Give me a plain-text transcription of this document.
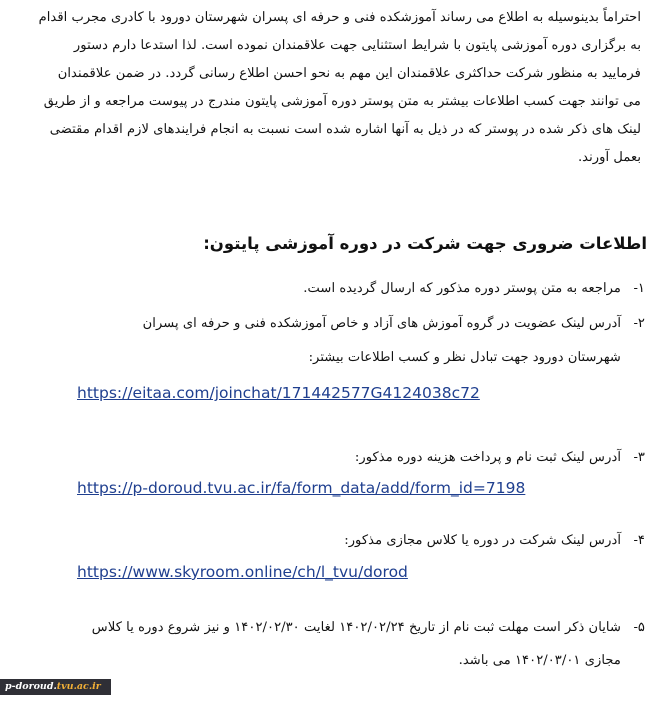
احتراماً بدینوسیله به اطلاع می رساند آموزشکده فنی و حرفه ای پسران شهرستان دورود با کادری مجرب اقدام
به برگزاری دوره آموزشی پایتون با شرایط استثنایی جهت علاقمندان نموده است. لذا استدعا دارم دستور
فرمایید به منظور شرکت حداکثری علاقمندان این مهم به نحو احسن اطلاع رسانی گردد. در ضمن علاقمندان
می توانند جهت کسب اطلاعات بیشتر به متن پوستر دوره آموزشی پایتون مندرج در پیوست مراجعه و از طریق
لینک های ذکر شده در پوستر که در ذیل به آنها اشاره شده است نسبت به انجام فرایندهای لازم اقدام مقتضی
بعمل آورند.
اطلاعات ضروری جهت شرکت در دوره آموزشی پایتون:
۱-مراجعه به متن پوستر دوره مذکور که ارسال گردیده است.
۲-آدرس لینک عضویت در گروه آموزش های آزاد و خاص آموزشکده فنی و حرفه ای پسران
شهرستان دورود جهت تبادل نظر و کسب اطلاعات بیشتر:
https://eitaa.com/joinchat/171442577G4124038c72
۳-آدرس لینک ثبت نام و پرداخت هزینه دوره مذکور:
https://p-doroud.tvu.ac.ir/fa/form_data/add/form_id=7198
۴-آدرس لینک شرکت در دوره یا کلاس مجازی مذکور:
https://www.skyroom.online/ch/l_tvu/dorod
۵-شایان ذکر است مهلت ثبت نام از تاریخ ۱۴۰۲/۰۲/۲۴ لغایت ۱۴۰۲/۰۲/۳۰ و نیز شروع دوره یا کلاس
مجازی ۱۴۰۲/۰۳/۰۱ می باشد.
p-doroud.tvu.ac.ir
